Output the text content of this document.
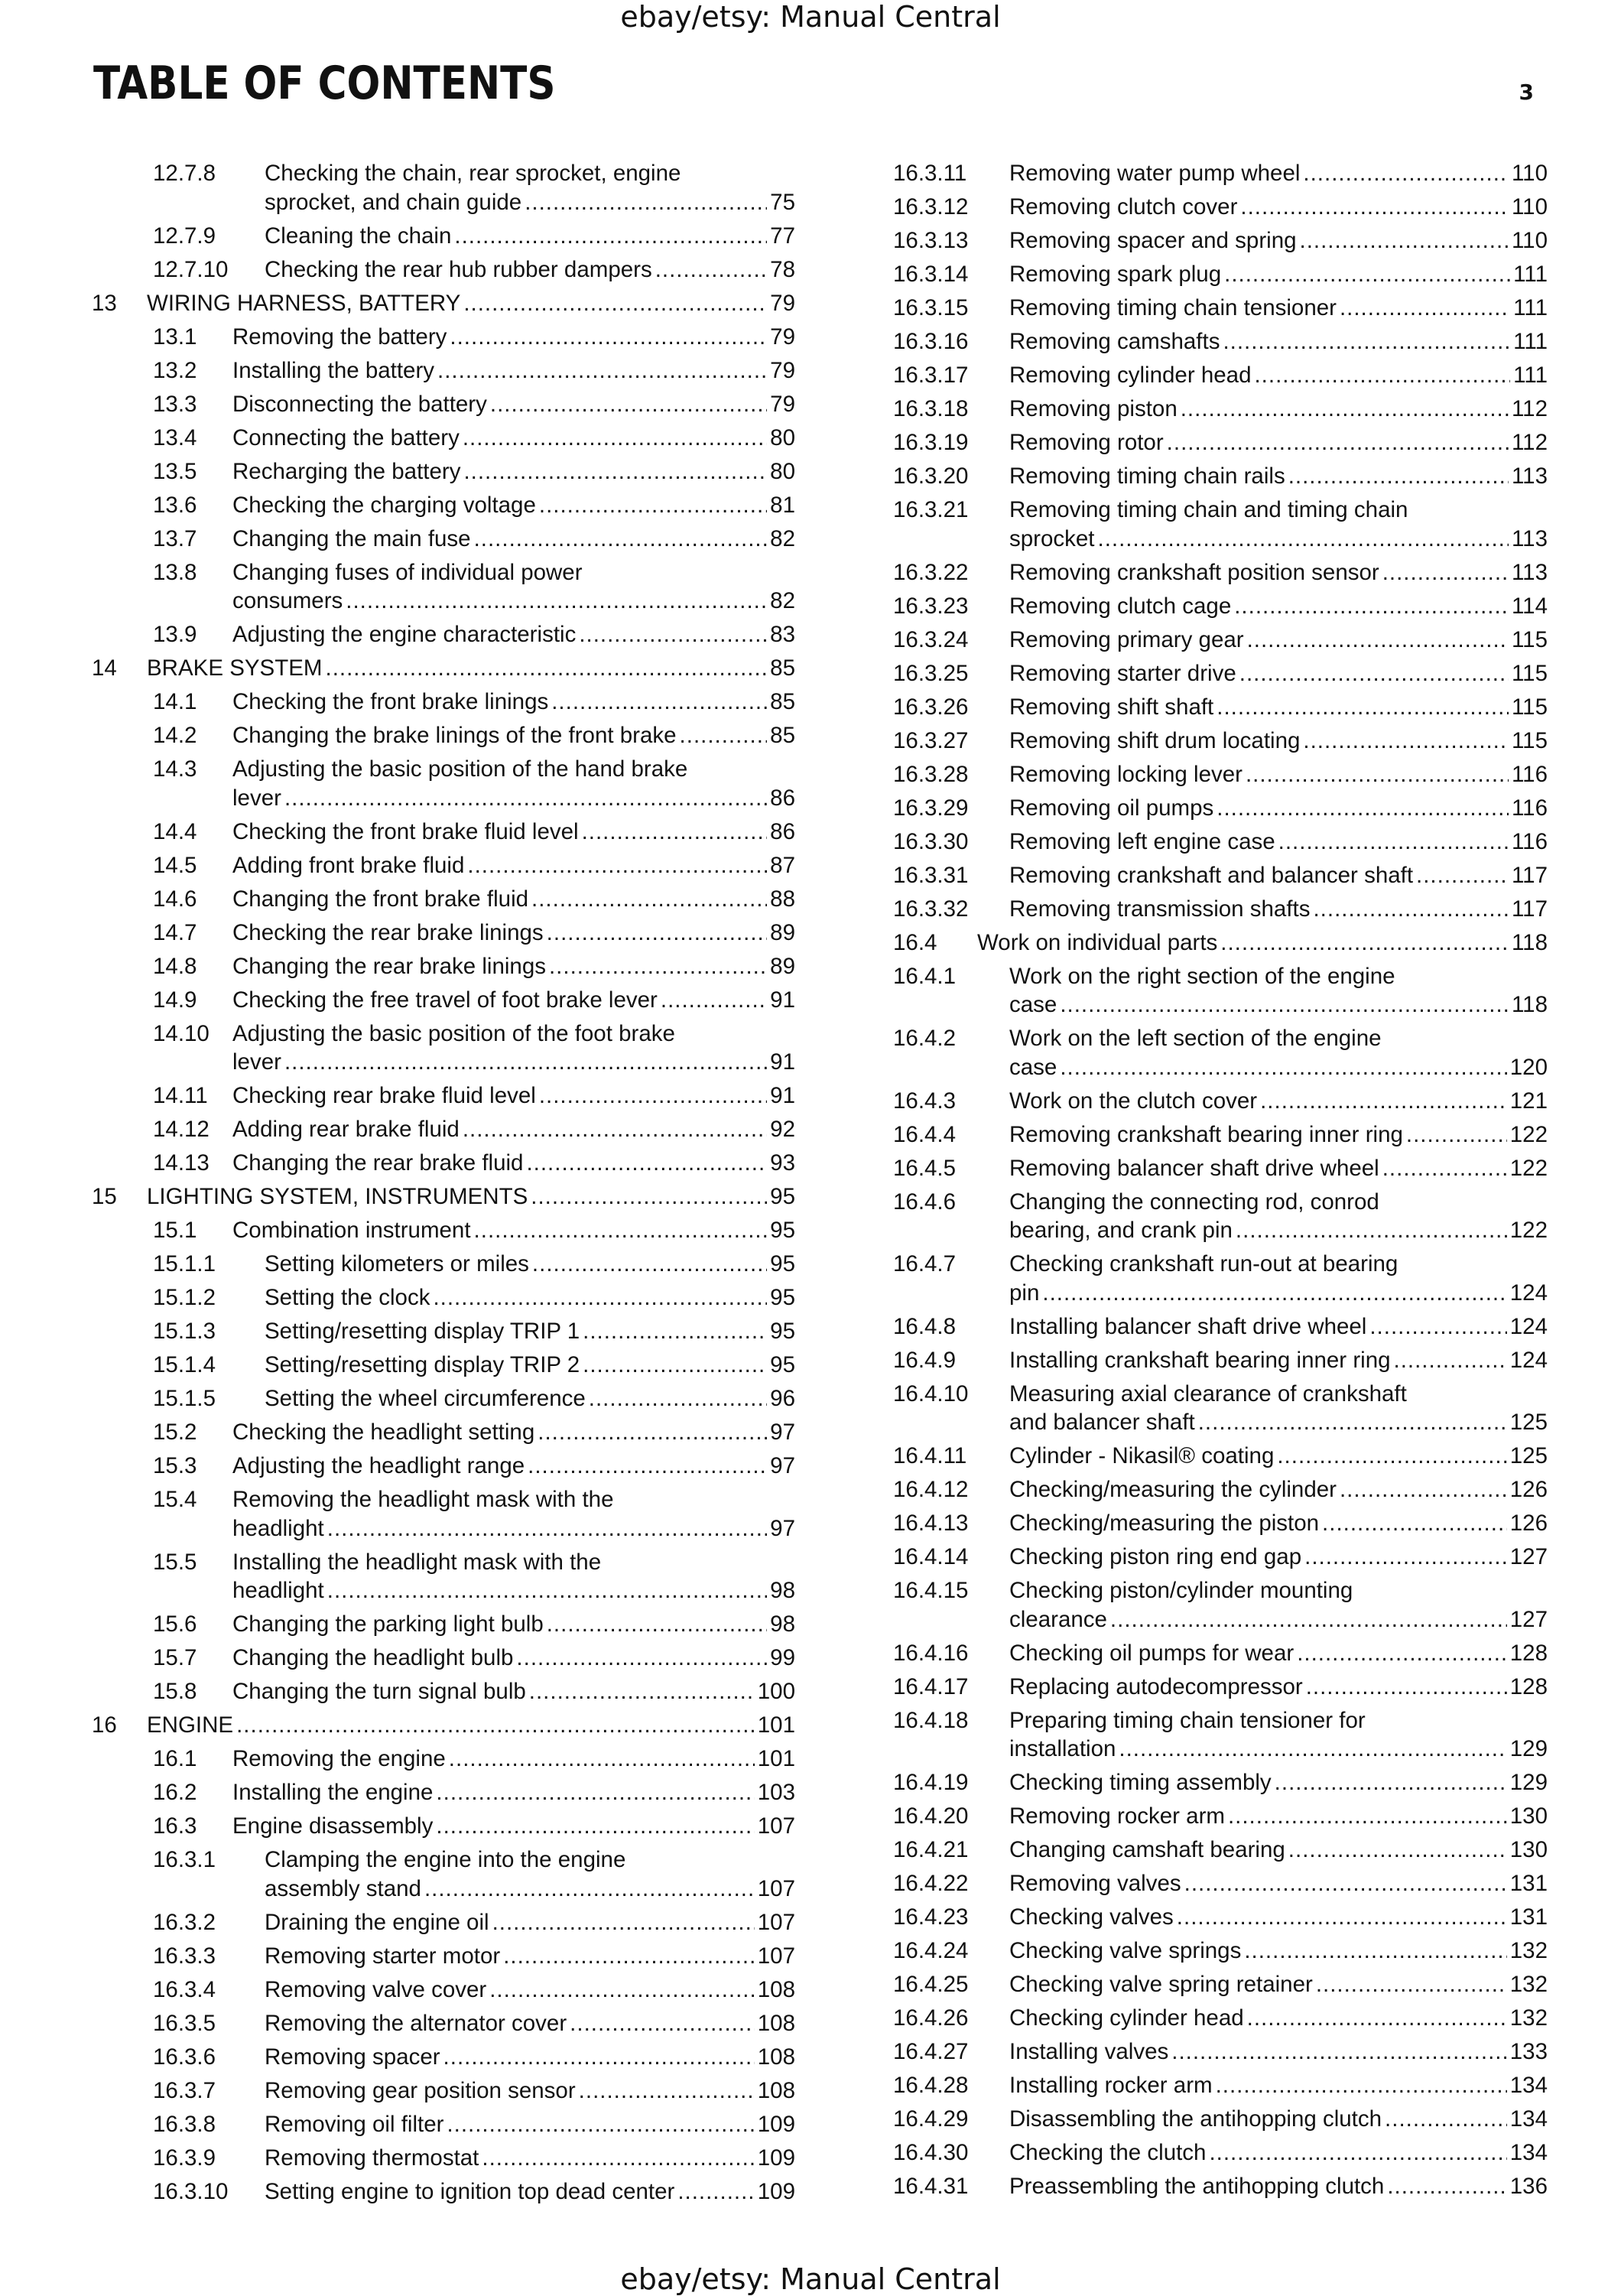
ebay/etsy: Manual Central
TABLE OF CONTENTS	3
12.7.8 Checking the chain, rear sprocket, engine
sprocket, and chain guide .....	75
12.7.9 Cleaning the chain .....	77
12.7.10 Checking the rear hub rubber dampers .....	78
13 WIRING HARNESS, BATTERY .....	79
13.1 Removing the battery .....	79
13.2 Installing the battery .....	79
13.3 Disconnecting the battery .....	79
13.4 Connecting the battery .....	80
13.5 Recharging the battery .....	80
13.6 Checking the charging voltage .....	81
13.7 Changing the main fuse .....	82
13.8 Changing fuses of individual power
consumers .....	82
13.9 Adjusting the engine characteristic .....	83
14 BRAKE SYSTEM .....	85
14.1 Checking the front brake linings .....	85
14.2 Changing the brake linings of the front brake .....	85
14.3 Adjusting the basic position of the hand brake
lever .....	86
14.4 Checking the front brake fluid level .....	86
14.5 Adding front brake fluid .....	87
14.6 Changing the front brake fluid .....	88
14.7 Checking the rear brake linings .....	89
14.8 Changing the rear brake linings .....	89
14.9 Checking the free travel of foot brake lever .....	91
14.10 Adjusting the basic position of the foot brake
lever .....	91
14.11 Checking rear brake fluid level .....	91
14.12 Adding rear brake fluid .....	92
14.13 Changing the rear brake fluid .....	93
15 LIGHTING SYSTEM, INSTRUMENTS .....	95
15.1 Combination instrument .....	95
15.1.1 Setting kilometers or miles .....	95
15.1.2 Setting the clock .....	95
15.1.3 Setting/resetting display TRIP 1 .....	95
15.1.4 Setting/resetting display TRIP 2 .....	95
15.1.5 Setting the wheel circumference .....	96
15.2 Checking the headlight setting .....	97
15.3 Adjusting the headlight range .....	97
15.4 Removing the headlight mask with the
headlight .....	97
15.5 Installing the headlight mask with the
headlight .....	98
15.6 Changing the parking light bulb .....	98
15.7 Changing the headlight bulb .....	99
15.8 Changing the turn signal bulb .....	100
16 ENGINE .....	101
16.1 Removing the engine .....	101
16.2 Installing the engine .....	103
16.3 Engine disassembly .....	107
16.3.1 Clamping the engine into the engine
assembly stand .....	107
16.3.2 Draining the engine oil .....	107
16.3.3 Removing starter motor .....	107
16.3.4 Removing valve cover .....	108
16.3.5 Removing the alternator cover .....	108
16.3.6 Removing spacer .....	108
16.3.7 Removing gear position sensor .....	108
16.3.8 Removing oil filter .....	109
16.3.9 Removing thermostat .....	109
16.3.10 Setting engine to ignition top dead center .....	109
16.3.11 Removing water pump wheel .....	110
16.3.12 Removing clutch cover .....	110
16.3.13 Removing spacer and spring .....	110
16.3.14 Removing spark plug .....	111
16.3.15 Removing timing chain tensioner .....	111
16.3.16 Removing camshafts .....	111
16.3.17 Removing cylinder head .....	111
16.3.18 Removing piston .....	112
16.3.19 Removing rotor .....	112
16.3.20 Removing timing chain rails .....	113
16.3.21 Removing timing chain and timing chain
sprocket .....	113
16.3.22 Removing crankshaft position sensor .....	113
16.3.23 Removing clutch cage .....	114
16.3.24 Removing primary gear .....	115
16.3.25 Removing starter drive .....	115
16.3.26 Removing shift shaft .....	115
16.3.27 Removing shift drum locating .....	115
16.3.28 Removing locking lever .....	116
16.3.29 Removing oil pumps .....	116
16.3.30 Removing left engine case .....	116
16.3.31 Removing crankshaft and balancer shaft .....	117
16.3.32 Removing transmission shafts .....	117
16.4 Work on individual parts .....	118
16.4.1 Work on the right section of the engine
case .....	118
16.4.2 Work on the left section of the engine
case .....	120
16.4.3 Work on the clutch cover .....	121
16.4.4 Removing crankshaft bearing inner ring .....	122
16.4.5 Removing balancer shaft drive wheel .....	122
16.4.6 Changing the connecting rod, conrod
bearing, and crank pin .....	122
16.4.7 Checking crankshaft run-out at bearing
pin .....	124
16.4.8 Installing balancer shaft drive wheel .....	124
16.4.9 Installing crankshaft bearing inner ring .....	124
16.4.10 Measuring axial clearance of crankshaft
and balancer shaft .....	125
16.4.11 Cylinder - Nikasil® coating .....	125
16.4.12 Checking/measuring the cylinder .....	126
16.4.13 Checking/measuring the piston .....	126
16.4.14 Checking piston ring end gap .....	127
16.4.15 Checking piston/cylinder mounting
clearance .....	127
16.4.16 Checking oil pumps for wear .....	128
16.4.17 Replacing autodecompressor .....	128
16.4.18 Preparing timing chain tensioner for
installation .....	129
16.4.19 Checking timing assembly .....	129
16.4.20 Removing rocker arm .....	130
16.4.21 Changing camshaft bearing .....	130
16.4.22 Removing valves .....	131
16.4.23 Checking valves .....	131
16.4.24 Checking valve springs .....	132
16.4.25 Checking valve spring retainer .....	132
16.4.26 Checking cylinder head .....	132
16.4.27 Installing valves .....	133
16.4.28 Installing rocker arm .....	134
16.4.29 Disassembling the antihopping clutch .....	134
16.4.30 Checking the clutch .....	134
16.4.31 Preassembling the antihopping clutch .....	136
ebay/etsy: Manual Central
